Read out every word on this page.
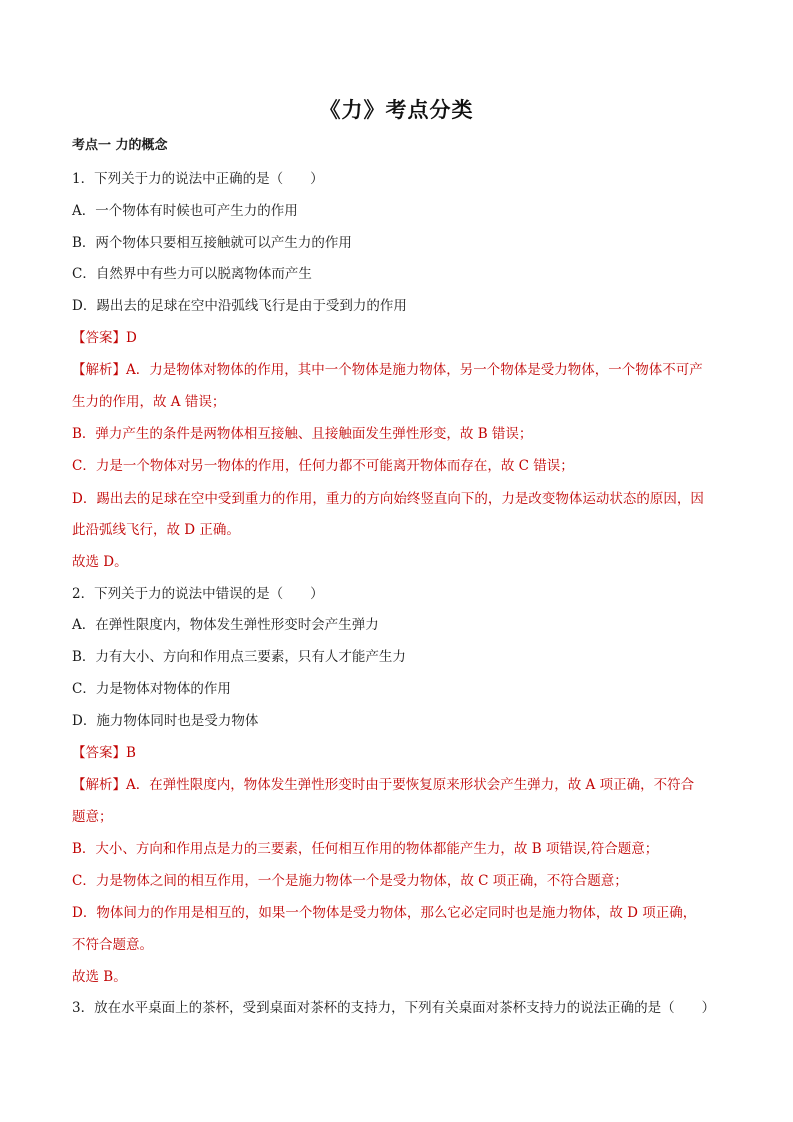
《力》考点分类
考点一 力的概念
1．下列关于力的说法中正确的是（　　）
A．一个物体有时候也可产生力的作用
B．两个物体只要相互接触就可以产生力的作用
C．自然界中有些力可以脱离物体而产生
D．踢出去的足球在空中沿弧线飞行是由于受到力的作用
【答案】D
【解析】A．力是物体对物体的作用，其中一个物体是施力物体，另一个物体是受力物体，一个物体不可产
生力的作用，故 A 错误；
B．弹力产生的条件是两物体相互接触、且接触面发生弹性形变，故 B 错误；
C．力是一个物体对另一物体的作用，任何力都不可能离开物体而存在，故 C 错误；
D．踢出去的足球在空中受到重力的作用，重力的方向始终竖直向下的，力是改变物体运动状态的原因，因
此沿弧线飞行，故 D 正确。
故选 D。
2．下列关于力的说法中错误的是（　　）
A．在弹性限度内，物体发生弹性形变时会产生弹力
B．力有大小、方向和作用点三要素，只有人才能产生力
C．力是物体对物体的作用
D．施力物体同时也是受力物体
【答案】B
【解析】A．在弹性限度内，物体发生弹性形变时由于要恢复原来形状会产生弹力，故 A 项正确，不符合
题意；
B．大小、方向和作用点是力的三要素，任何相互作用的物体都能产生力，故 B 项错误,符合题意；
C．力是物体之间的相互作用，一个是施力物体一个是受力物体，故 C 项正确，不符合题意；
D．物体间力的作用是相互的，如果一个物体是受力物体，那么它必定同时也是施力物体，故 D 项正确，
不符合题意。
故选 B。
3．放在水平桌面上的茶杯，受到桌面对茶杯的支持力，下列有关桌面对茶杯支持力的说法正确的是（　　）
